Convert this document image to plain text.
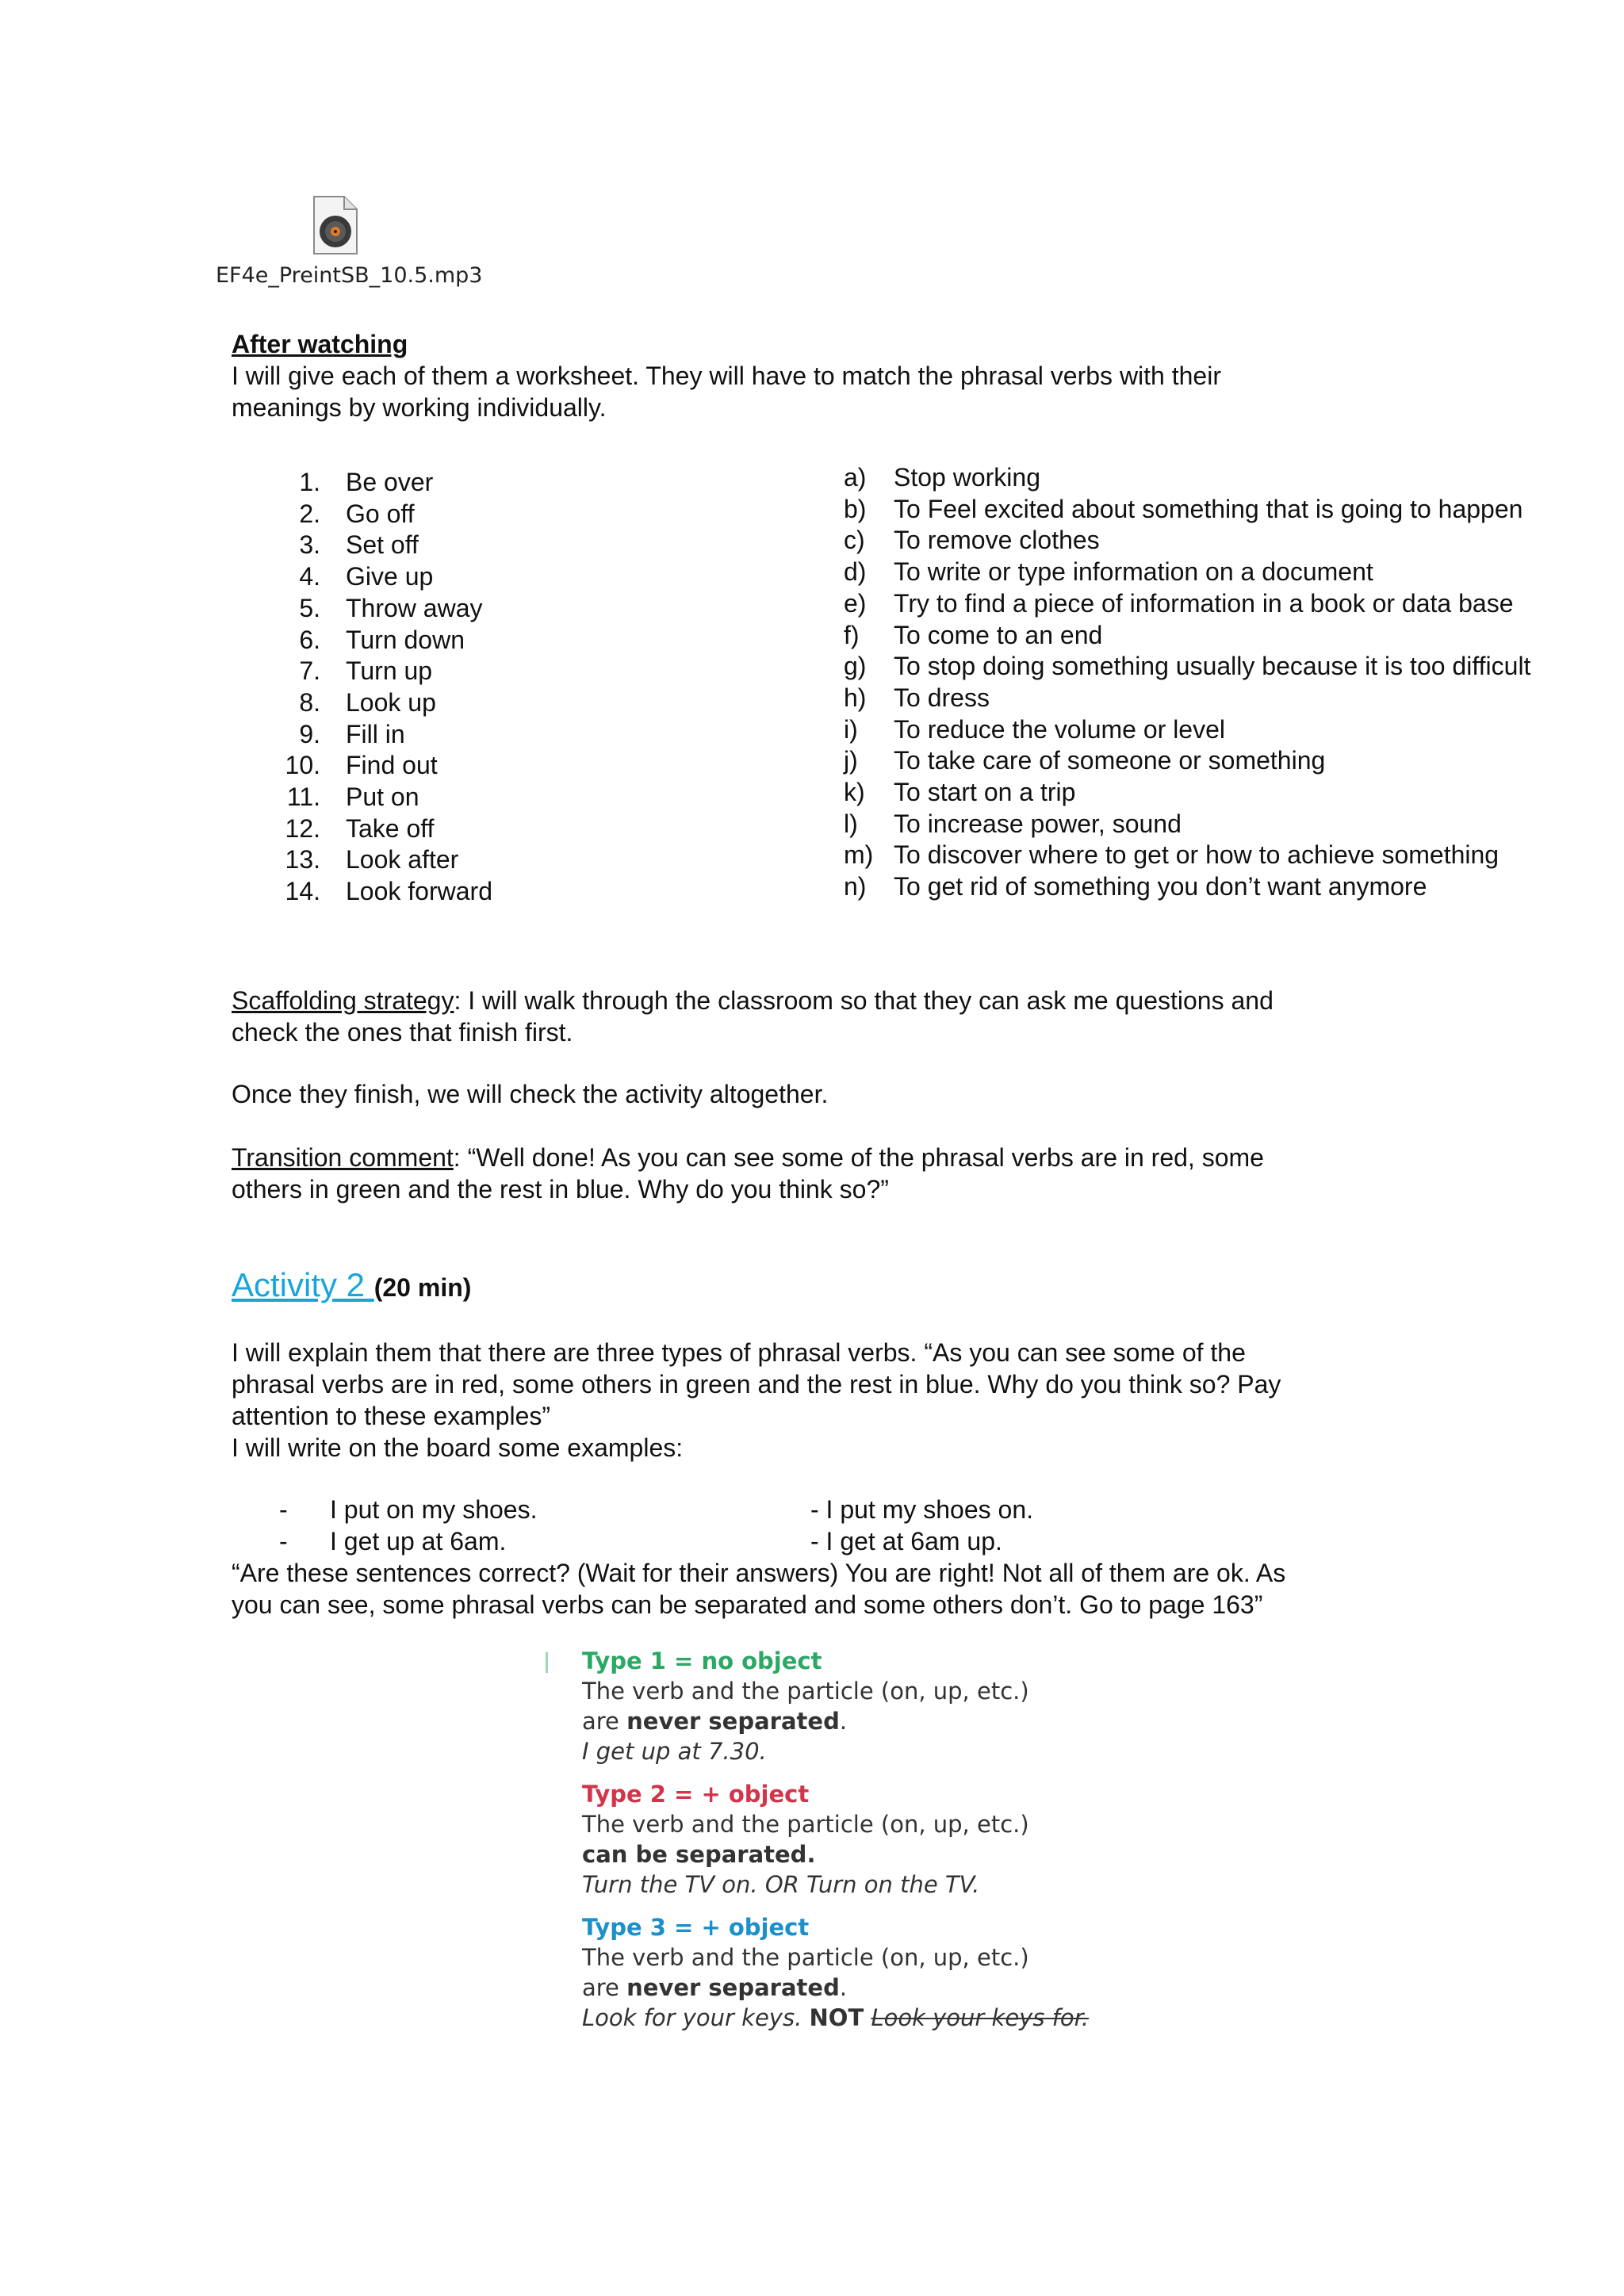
EF4e_PreintSB_10.5.mp3
After watching
I will give each of them a worksheet. They will have to match the phrasal verbs with their
meanings by working individually.
1. Be over
2. Go off
3. Set off
4. Give up
5. Throw away
6. Turn down
7. Turn up
8. Look up
9. Fill in
10. Find out
11. Put on
12. Take off
13. Look after
14. Look forward
a) Stop working
b) To Feel excited about something that is going to happen
c) To remove clothes
d) To write or type information on a document
e) Try to find a piece of information in a book or data base
f) To come to an end
g) To stop doing something usually because it is too difficult
h) To dress
i) To reduce the volume or level
j) To take care of someone or something
k) To start on a trip
l) To increase power, sound
m) To discover where to get or how to achieve something
n) To get rid of something you don’t want anymore
Scaffolding strategy: I will walk through the classroom so that they can ask me questions and
check the ones that finish first.
Once they finish, we will check the activity altogether.
Transition comment: “Well done! As you can see some of the phrasal verbs are in red, some
others in green and the rest in blue. Why do you think so?”
Activity 2 (20 min)
I will explain them that there are three types of phrasal verbs. “As you can see some of the
phrasal verbs are in red, some others in green and the rest in blue. Why do you think so? Pay
attention to these examples”
I will write on the board some examples:
- I put on my shoes.	- I put my shoes on.
- I get up at 6am.	- I get at 6am up.
“Are these sentences correct? (Wait for their answers) You are right! Not all of them are ok. As
you can see, some phrasal verbs can be separated and some others don’t. Go to page 163”
Type 1 = no object
The verb and the particle (on, up, etc.)
are never separated.
I get up at 7.30.
Type 2 = + object
The verb and the particle (on, up, etc.)
can be separated.
Turn the TV on. OR Turn on the TV.
Type 3 = + object
The verb and the particle (on, up, etc.)
are never separated.
Look for your keys. NOT Look your keys for.
